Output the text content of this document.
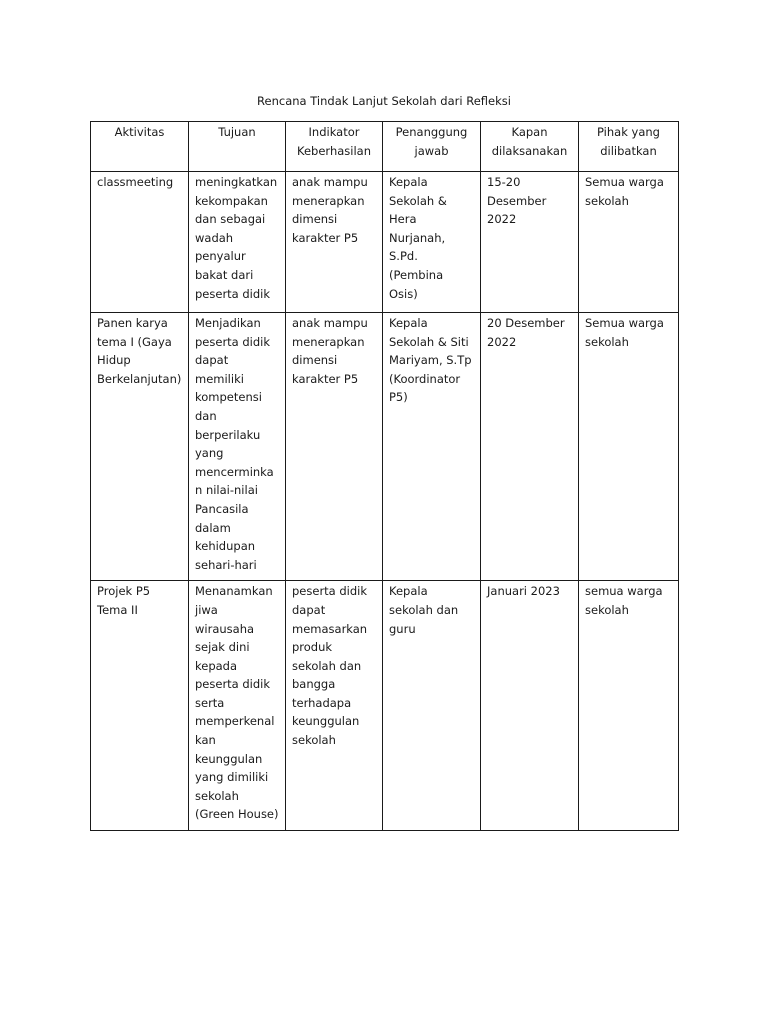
Rencana Tindak Lanjut Sekolah dari Refleksi
Aktivitas	Tujuan	Indikator Keberhasilan	Penanggung jawab	Kapan dilaksanakan	Pihak yang dilibatkan
classmeeting	meningkatkan kekompakan dan sebagai wadah penyalur bakat dari peserta didik	anak mampu menerapkan dimensi karakter P5	Kepala Sekolah & Hera Nurjanah, S.Pd. (Pembina Osis)	15-20 Desember 2022	Semua warga sekolah
Panen karya tema I (Gaya Hidup Berkelanjutan)	Menjadikan peserta didik dapat memiliki kompetensi dan berperilaku yang mencerminkan nilai-nilai Pancasila dalam kehidupan sehari-hari	anak mampu menerapkan dimensi karakter P5	Kepala Sekolah & Siti Mariyam, S.Tp (Koordinator P5)	20 Desember 2022	Semua warga sekolah
Projek P5 Tema II	Menanamkan jiwa wirausaha sejak dini kepada peserta didik serta memperkenalkan keunggulan yang dimiliki sekolah (Green House)	peserta didik dapat memasarkan produk sekolah dan bangga terhadapa keunggulan sekolah	Kepala sekolah dan guru	Januari 2023	semua warga sekolah
